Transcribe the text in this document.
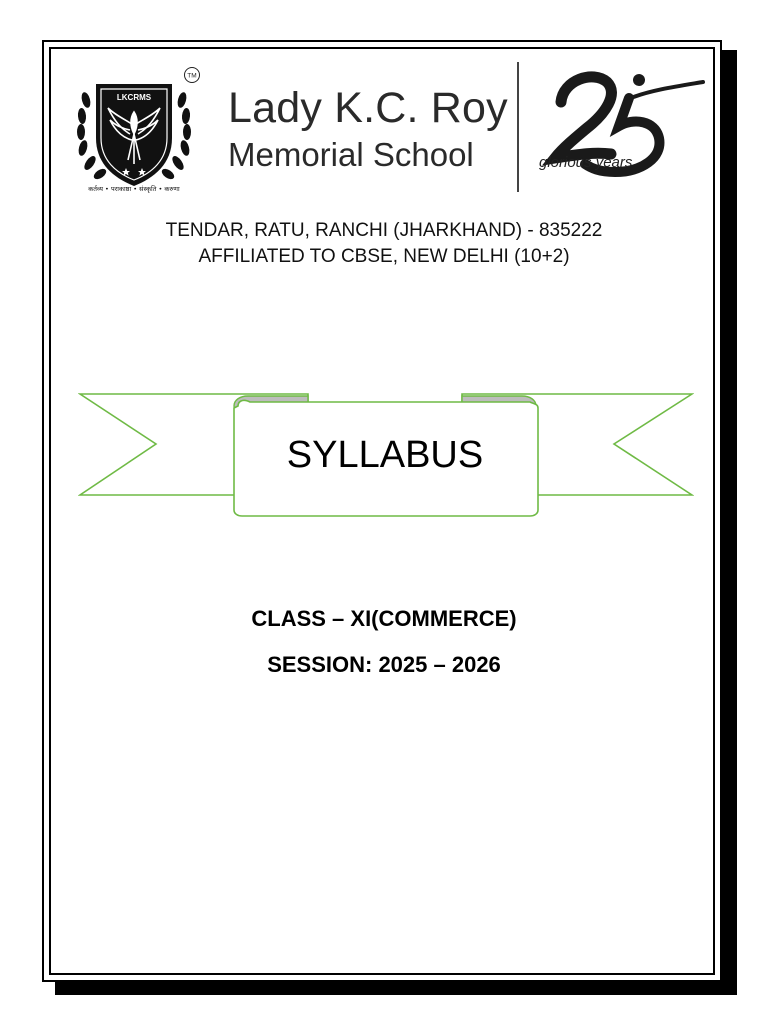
LKCRMS
कर्तव्य • पराकाष्ठा • संस्कृति • करुणा
TM
Lady K.C. Roy
Memorial School	glorious years
TENDAR, RATU, RANCHI (JHARKHAND) - 835222
AFFILIATED TO CBSE, NEW DELHI (10+2)
SYLLABUS
CLASS – XI(COMMERCE)
SESSION: 2025 – 2026
